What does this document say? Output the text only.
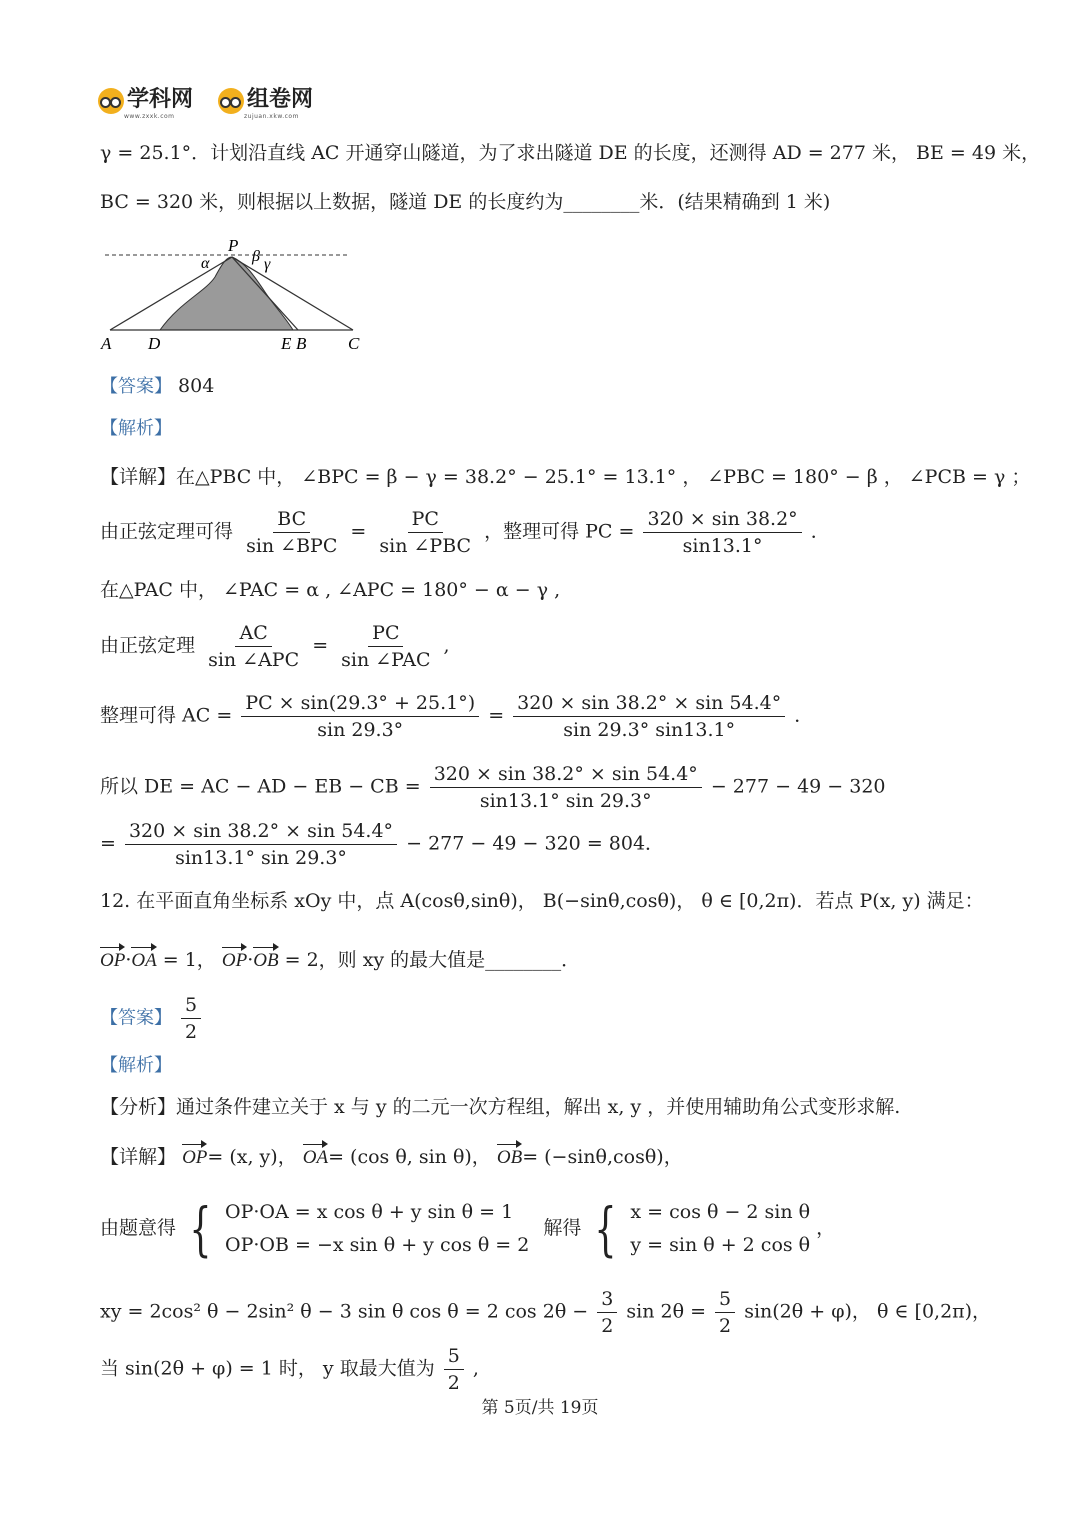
学科网
www.zxxk.com
组卷网
zujuan.xkw.com
γ = 25.1°．计划沿直线 AC 开通穿山隧道，为了求出隧道 DE 的长度，还测得 AD = 277 米， BE = 49 米，
BC = 320 米，则根据以上数据，隧道 DE 的长度约为________米．(结果精确到 1 米)
P
α	β γ
A D	E B C
【答案】 804
【解析】
【详解】在△PBC 中， ∠BPC = β − γ = 38.2° − 25.1° = 13.1° ， ∠PBC = 180° − β ， ∠PCB = γ ；
由正弦定理可得 $\frac{BC}{\text{sin ∠BPC}} = \frac{PC}{\text{sin ∠PBC}}$ ，整理可得 PC = $\frac{320 \times \sin 38.2^\circ}{\sin 13.1^\circ}$ ．
在△PAC 中， ∠PAC = α , ∠APC = 180° − α − γ ,
由正弦定理 $\frac{AC}{\text{sin ∠APC}} = \frac{PC}{\text{sin ∠PAC}}$ ,
整理可得 AC = $\frac{PC \times \sin(29.3^\circ + 25.1^\circ)}{\sin 29.3^\circ} = \frac{320 \times \sin 38.2^\circ \times \sin 54.4^\circ}{\sin 29.3^\circ \sin 13.1^\circ}$ ．
所以 DE = AC − AD − EB − CB = $\frac{320 \times \sin 38.2^\circ \times \sin 54.4^\circ}{\sin 13.1^\circ \sin 29.3^\circ} - 277 - 49 - 320$
= $\frac{320 \times \sin 38.2^\circ \times \sin 54.4^\circ}{\sin 13.1^\circ \sin 29.3^\circ} - 277 - 49 - 320 = 804$．
12. 在平面直角坐标系 xOy 中，点 A(cosθ,sinθ)， B(−sinθ,cosθ)， θ ∈ [0,2π)．若点 P(x, y) 满足：
OP·OA = 1， OP·OB = 2，则 xy 的最大值是________．
【答案】 $\frac{5}{2}$
【解析】
【分析】通过条件建立关于 x 与 y 的二元一次方程组，解出 x, y ，并使用辅助角公式变形求解.
【详解】 OP= (x, y)， OA= (cos θ, sin θ)， OB= (−sinθ,cosθ)，
由题意得 { OP·OA = x cos θ + y sin θ = 1
OP·OB = −x sin θ + y cos θ = 2
解得 { x = cos θ − 2 sin θ
y = sin θ + 2 cos θ
，
xy = 2cos² θ − 2sin² θ − 3 sin θ cos θ = 2 $\cos 2\theta - \frac{3}{2}$ $\sin 2\theta = \frac{5}{2} \sin(2\theta + \varphi)$， θ ∈ [0,2π)，
当 sin(2θ + φ) = 1 时， y 取最大值为 $\frac{5}{2}$ ,
第 5页/共 19页
